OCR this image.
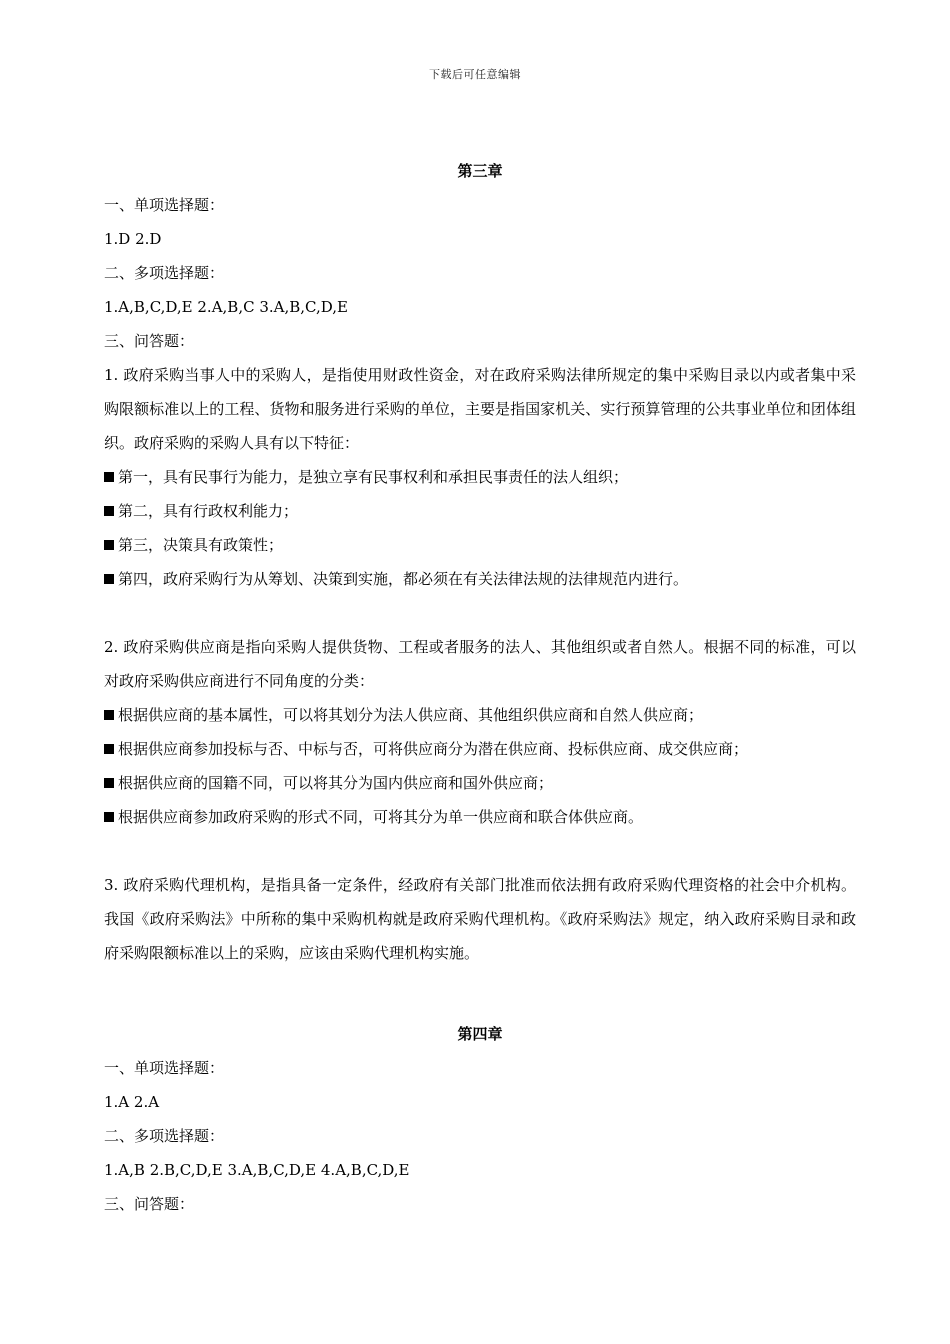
下载后可任意编辑
第三章
一、单项选择题：
1.D 2.D
二、多项选择题：
1.A,B,C,D,E 2.A,B,C 3.A,B,C,D,E
三、问答题：

1. 政府采购当事人中的采购人，是指使用财政性资金，对在政府采购法律所规定的集中采购目录以内或者集中采购限额标准以上的工程、货物和服务进行采购的单位，主要是指国家机关、实行预算管理的公共事业单位和团体组织。政府采购的采购人具有以下特征：

第一，具有民事行为能力，是独立享有民事权利和承担民事责任的法人组织；
第二，具有行政权利能力；
第三，决策具有政策性；
第四，政府采购行为从筹划、决策到实施，都必须在有关法律法规的法律规范内进行。

2. 政府采购供应商是指向采购人提供货物、工程或者服务的法人、其他组织或者自然人。根据不同的标准，可以对政府采购供应商进行不同角度的分类：

根据供应商的基本属性，可以将其划分为法人供应商、其他组织供应商和自然人供应商；
根据供应商参加投标与否、中标与否，可将供应商分为潜在供应商、投标供应商、成交供应商；
根据供应商的国籍不同，可以将其分为国内供应商和国外供应商；
根据供应商参加政府采购的形式不同，可将其分为单一供应商和联合体供应商。

3. 政府采购代理机构，是指具备一定条件，经政府有关部门批准而依法拥有政府采购代理资格的社会中介机构。我国《政府采购法》中所称的集中采购机构就是政府采购代理机构。《政府采购法》规定，纳入政府采购目录和政府采购限额标准以上的采购，应该由采购代理机构实施。

第四章
一、单项选择题：
1.A 2.A
二、多项选择题：
1.A,B 2.B,C,D,E 3.A,B,C,D,E 4.A,B,C,D,E
三、问答题：
